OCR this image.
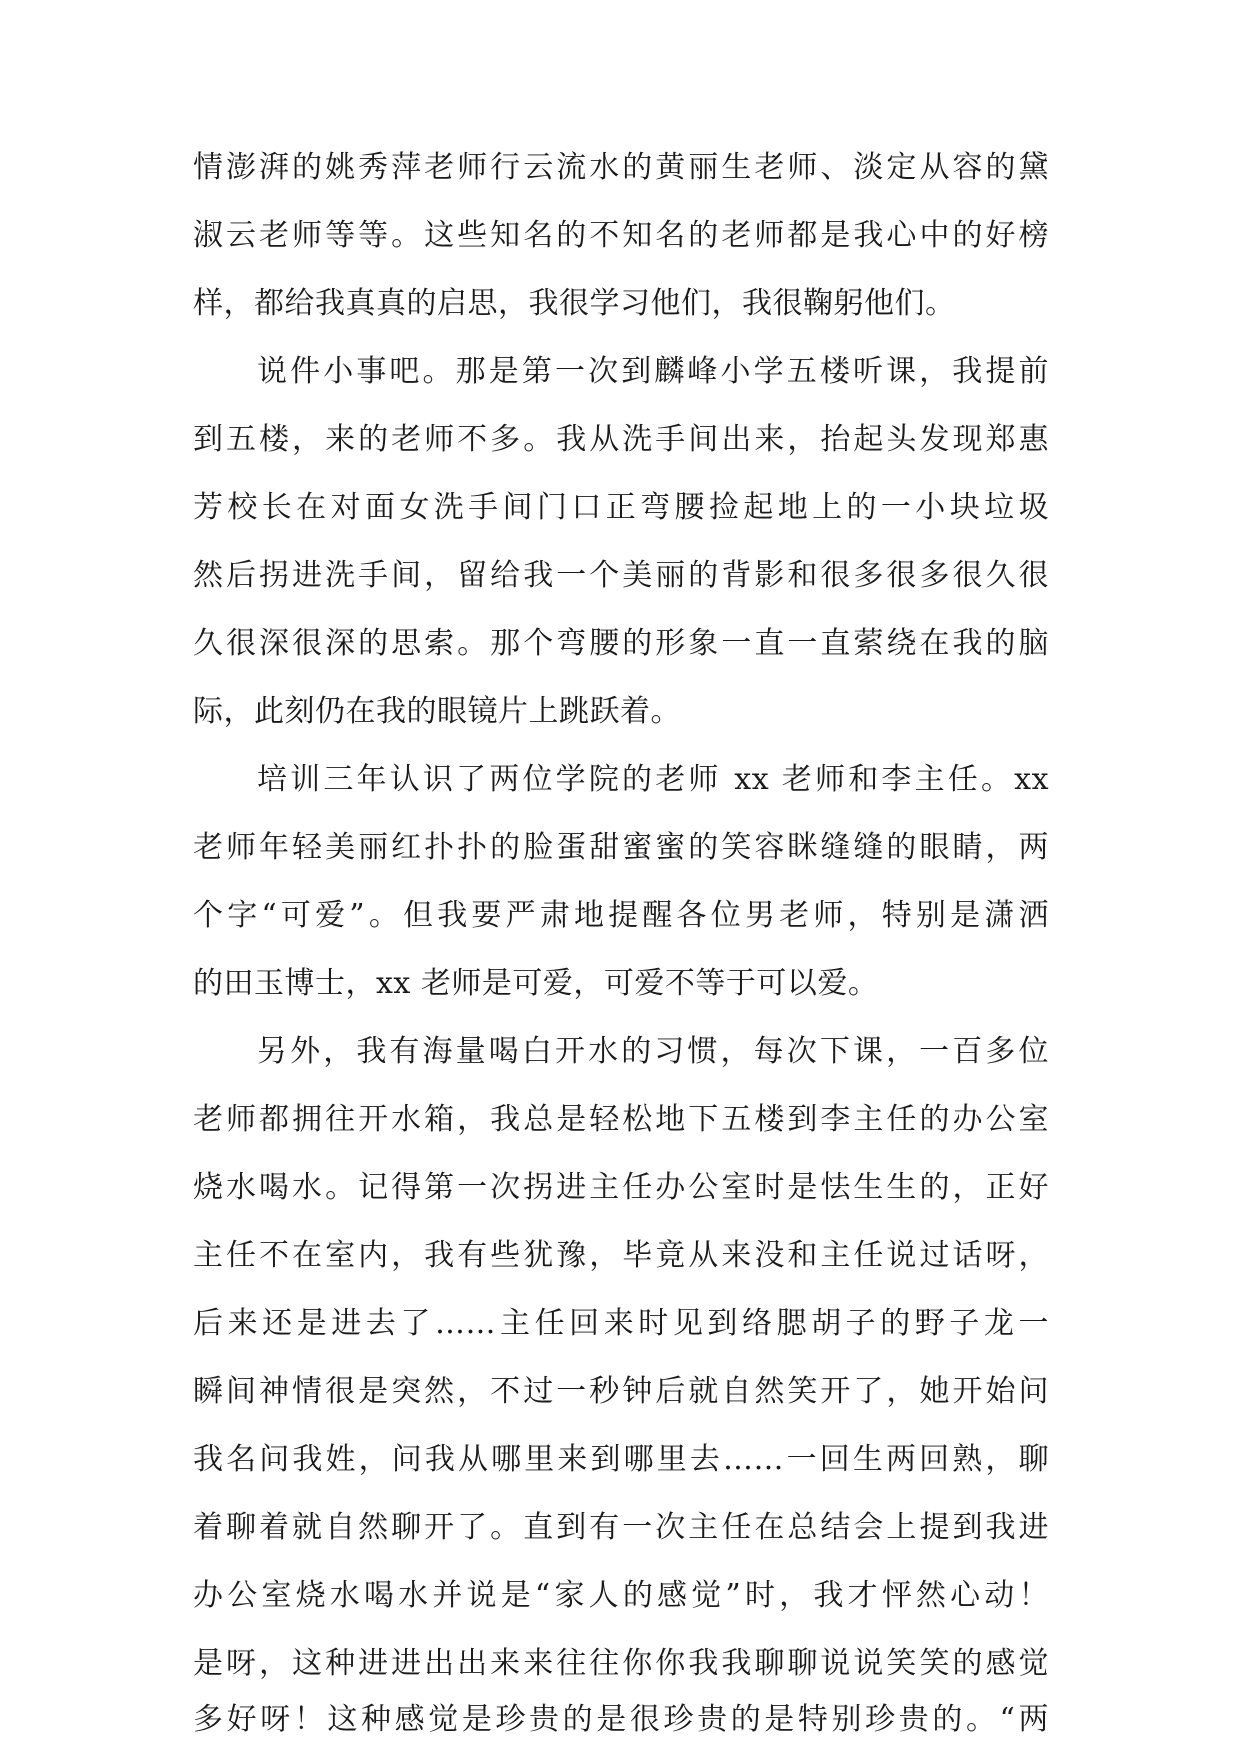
情澎湃的姚秀萍老师行云流水的黄丽生老师、淡定从容的黛
淑云老师等等。这些知名的不知名的老师都是我心中的好榜
样，都给我真真的启思，我很学习他们，我很鞠躬他们。
说件小事吧。那是第一次到麟峰小学五楼听课，我提前
到五楼，来的老师不多。我从洗手间出来，抬起头发现郑惠
芳校长在对面女洗手间门口正弯腰捡起地上的一小块垃圾
然后拐进洗手间，留给我一个美丽的背影和很多很多很久很
久很深很深的思索。那个弯腰的形象一直一直萦绕在我的脑
际，此刻仍在我的眼镜片上跳跃着。
培训三年认识了两位学院的老师 xx 老师和李主任。xx
老师年轻美丽红扑扑的脸蛋甜蜜蜜的笑容眯缝缝的眼睛，两
个字“可爱”。但我要严肃地提醒各位男老师，特别是潇洒
的田玉博士，xx 老师是可爱，可爱不等于可以爱。
另外，我有海量喝白开水的习惯，每次下课，一百多位
老师都拥往开水箱，我总是轻松地下五楼到李主任的办公室
烧水喝水。记得第一次拐进主任办公室时是怯生生的，正好
主任不在室内，我有些犹豫，毕竟从来没和主任说过话呀，
后来还是进去了……主任回来时见到络腮胡子的野子龙一
瞬间神情很是突然，不过一秒钟后就自然笑开了，她开始问
我名问我姓，问我从哪里来到哪里去……一回生两回熟，聊
着聊着就自然聊开了。直到有一次主任在总结会上提到我进
办公室烧水喝水并说是“家人的感觉”时，我才怦然心动！
是呀，这种进进出出来来往往你你我我聊聊说说笑笑的感觉
多好呀！这种感觉是珍贵的是很珍贵的是特别珍贵的。“两
